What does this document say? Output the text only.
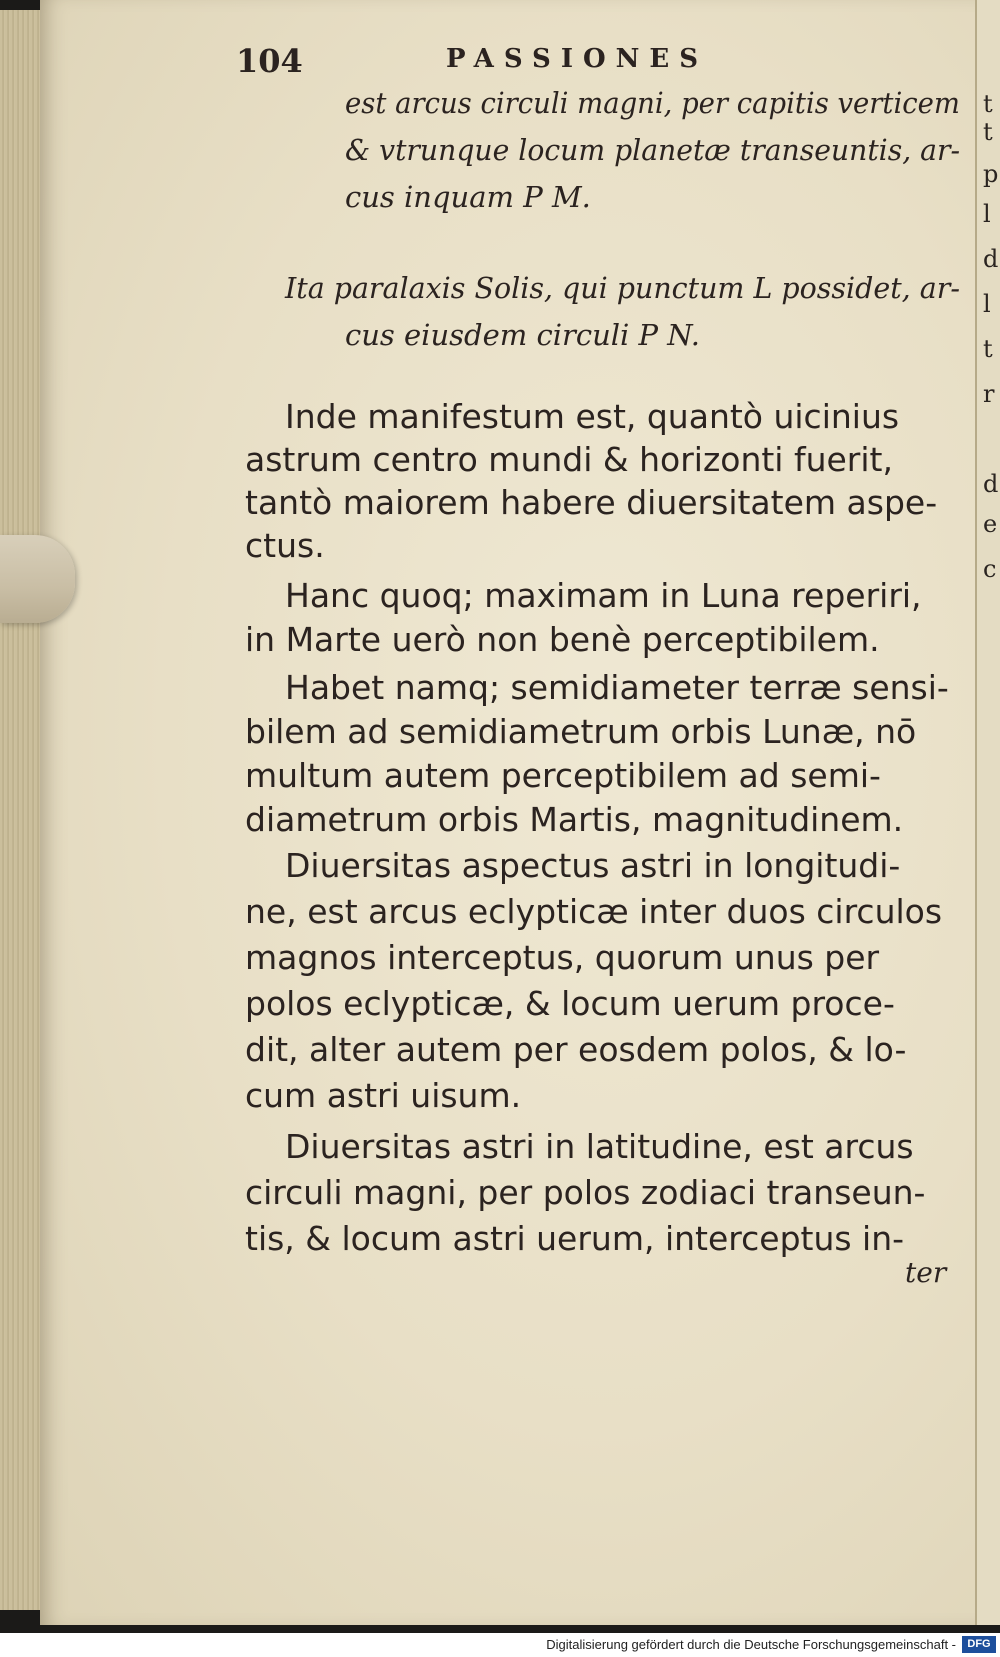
t
t
p
l
d
l
t
r
d
e
c
104	PASSIONES
est arcus circuli magni, per capitis verticem
& vtrunque locum planetæ transeuntis, ar-
cus inquam P M.
Ita paralaxis Solis, qui punctum L possidet, ar-
cus eiusdem circuli P N.
Inde manifestum est, quantò uicinius
astrum centro mundi & horizonti fuerit,
tantò maiorem habere diuersitatem aspe-
ctus.
Hanc quoq; maximam in Luna reperiri,
in Marte uerò non benè perceptibilem.
Habet namq; semidiameter terræ sensi-
bilem ad semidiametrum orbis Lunæ, nō
multum autem perceptibilem ad semi-
diametrum orbis Martis, magnitudinem.
Diuersitas aspectus astri in longitudi-
ne, est arcus eclypticæ inter duos circulos
magnos interceptus, quorum unus per
polos eclypticæ, & locum uerum proce-
dit, alter autem per eosdem polos, & lo-
cum astri uisum.
Diuersitas astri in latitudine, est arcus
circuli magni, per polos zodiaci transeun-
tis, & locum astri uerum, interceptus in-
ter
Digitalisierung gefördert durch die Deutsche Forschungsgemeinschaft -	DFG
